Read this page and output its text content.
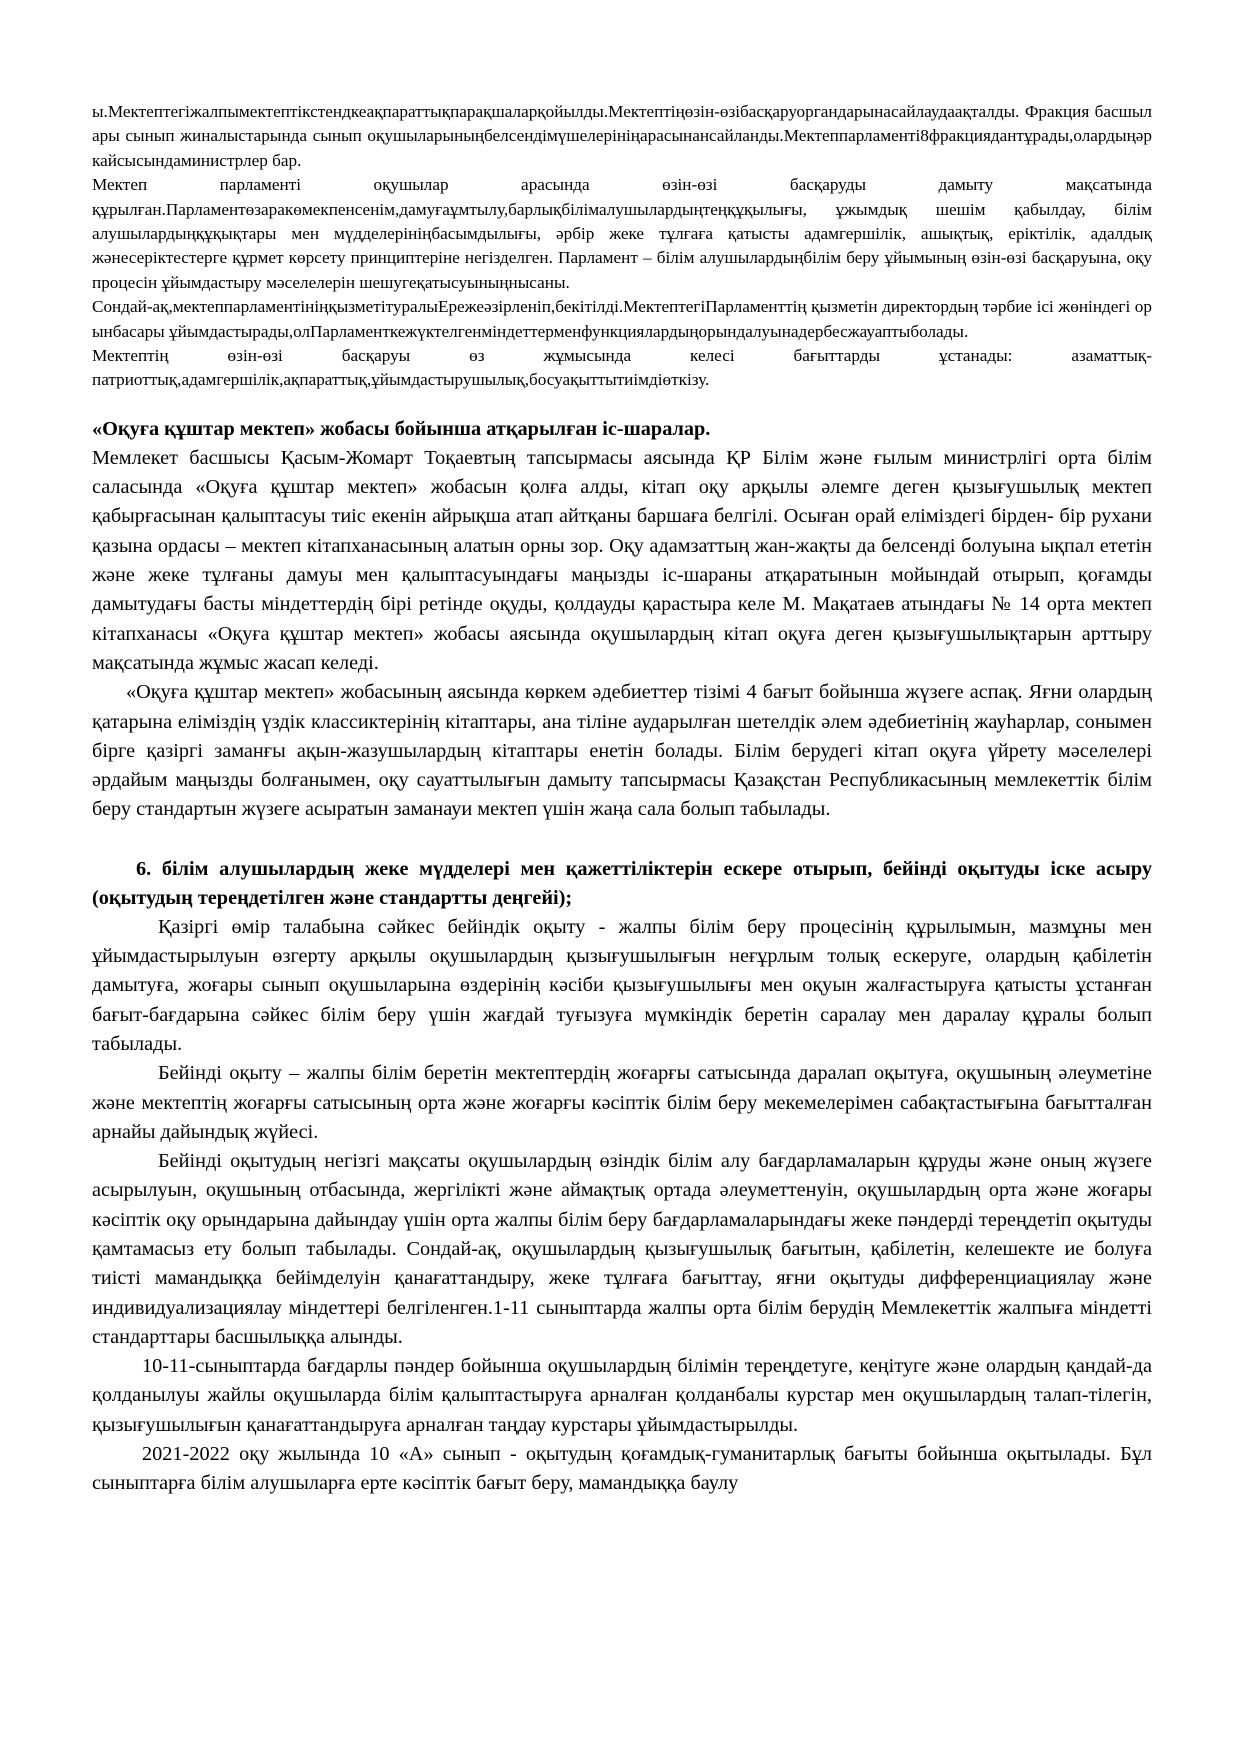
ы.Мектептегіжалпымектептікстендкеақпараттықпарақшаларқойылды.Мектептіңөзін-өзібасқаруоргандарынасайлаудаақталды. Фракция басшылары сынып жиналыстарында сынып оқушыларыныңбелсендімүшелерініңарасынансайланды.Мектеппарламенті8фракциядантұрады,олардыңәркайсысындаминистрлер бар.

Мектеп парламенті оқушылар арасында өзін-өзі басқаруды дамыту мақсатында құрылған.Парламентөзаракөмекпенсенім,дамуғаұмтылу,барлықбілімалушылардыңтеңқұқылығы, ұжымдық шешім қабылдау, білім алушылардыңқұқықтары мен мүдделерініңбасымдылығы, әрбір жеке тұлғаға қатысты адамгершілік, ашықтық, еріктілік, адалдық жәнесеріктестерге құрмет көрсету принциптеріне негізделген. Парламент – білім алушылардыңбілім беру ұйымының өзін-өзі басқаруына, оқу процесін ұйымдастыру мәселелерін шешугеқатысуыныңнысаны.

Сондай-ақ,мектеппарламентініңқызметітуралыЕрежеәзірленіп,бекітілді.МектептегіПарламенттің қызметін директордың тәрбие ісі жөніндегі орынбасары ұйымдастырады,олПарламенткежүктелгенміндеттерменфункциялардыңорындалуынадербесжауаптыболады.

Мектептің өзін-өзі басқаруы өз жұмысында келесі бағыттарды ұстанады: азаматтық-патриоттық,адамгершілік,ақпараттық,ұйымдастырушылық,босуақыттытиімдіөткізу.

«Оқуға құштар мектеп» жобасы бойынша атқарылған іс-шаралар.

Мемлекет басшысы Қасым-Жомарт Тоқаевтың тапсырмасы аясында ҚР Білім және ғылым министрлігі орта білім саласында «Оқуға құштар мектеп» жобасын қолға алды, кітап оқу арқылы әлемге деген қызығушылық мектеп қабырғасынан қалыптасуы тиіс екенін айрықша атап айтқаны баршаға белгілі. Осыған орай еліміздегі бірден- бір рухани қазына ордасы – мектеп кітапханасының алатын орны зор. Оқу адамзаттың жан-жақты да белсенді болуына ықпал ететін және жеке тұлғаны дамуы мен қалыптасуындағы маңызды іс-шараны атқаратынын мойындай отырып, қоғамды дамытудағы басты міндеттердің бірі ретінде оқуды, қолдауды қарастыра келе М. Мақатаев атындағы № 14 орта мектеп кітапханасы «Оқуға құштар мектеп» жобасы аясында оқушылардың кітап оқуға деген қызығушылықтарын арттыру мақсатында жұмыс жасап келеді.

«Оқуға құштар мектеп» жобасының аясында көркем әдебиеттер тізімі 4 бағыт бойынша жүзеге аспақ. Яғни олардың қатарына еліміздің үздік классиктерінің кітаптары, ана тіліне аударылған шетелдік әлем әдебиетінің жауһарлар, сонымен бірге қазіргі заманғы ақын-жазушылардың кітаптары енетін болады. Білім берудегі кітап оқуға үйрету мәселелері әрдайым маңызды болғанымен, оқу сауаттылығын дамыту тапсырмасы Қазақстан Республикасының мемлекеттік білім беру стандартын жүзеге асыратын заманауи мектеп үшін жаңа сала болып табылады.

6. білім алушылардың жеке мүдделері мен қажеттіліктерін ескере отырып, бейінді оқытуды іске асыру (оқытудың тереңдетілген және стандартты деңгейі);

Қазіргі өмір талабына сәйкес бейіндік оқыту - жалпы білім беру процесінің құрылымын, мазмұны мен ұйымдастырылуын өзгерту арқылы оқушылардың қызығушылығын неғұрлым толық ескеруге, олардың қабілетін дамытуға, жоғары сынып оқушыларына өздерінің кәсіби қызығушылығы мен оқуын жалғастыруға қатысты ұстанған бағыт-бағдарына сәйкес білім беру үшін жағдай туғызуға мүмкіндік беретін саралау мен даралау құралы болып табылады.

Бейінді оқыту – жалпы білім беретін мектептердің жоғарғы сатысында даралап оқытуға, оқушының әлеуметіне және мектептің жоғарғы сатысының орта және жоғарғы кәсіптік білім беру мекемелерімен сабақтастығына бағытталған арнайы дайындық жүйесі.

Бейінді оқытудың негізгі мақсаты оқушылардың өзіндік білім алу бағдарламаларын құруды және оның жүзеге асырылуын, оқушының отбасында, жергілікті және аймақтық ортада әлеуметтенуін, оқушылардың орта және жоғары кәсіптік оқу орындарына дайындау үшін орта жалпы білім беру бағдарламаларындағы жеке пәндерді тереңдетіп оқытуды қамтамасыз ету болып табылады. Сондай-ақ, оқушылардың қызығушылық бағытын, қабілетін, келешекте ие болуға тиісті мамандыққа бейімделуін қанағаттандыру, жеке тұлғаға бағыттау, яғни оқытуды дифференциациялау және индивидуализациялау міндеттері белгіленген.1-11 сыныптарда жалпы орта білім берудің Мемлекеттік жалпыға міндетті стандарттары басшылыққа алынды.

10-11-сыныптарда бағдарлы пәндер бойынша оқушылардың білімін тереңдетуге, кеңітуге және олардың қандай-да қолданылуы жайлы оқушыларда білім қалыптастыруға арналған қолданбалы курстар мен оқушылардың талап-тілегін, қызығушылығын қанағаттандыруға арналған таңдау курстары ұйымдастырылды.

2021-2022 оқу жылында 10 «А» сынып - оқытудың қоғамдық-гуманитарлық бағыты бойынша оқытылады. Бұл сыныптарға білім алушыларға ерте кәсіптік бағыт беру, мамандыққа баулу
